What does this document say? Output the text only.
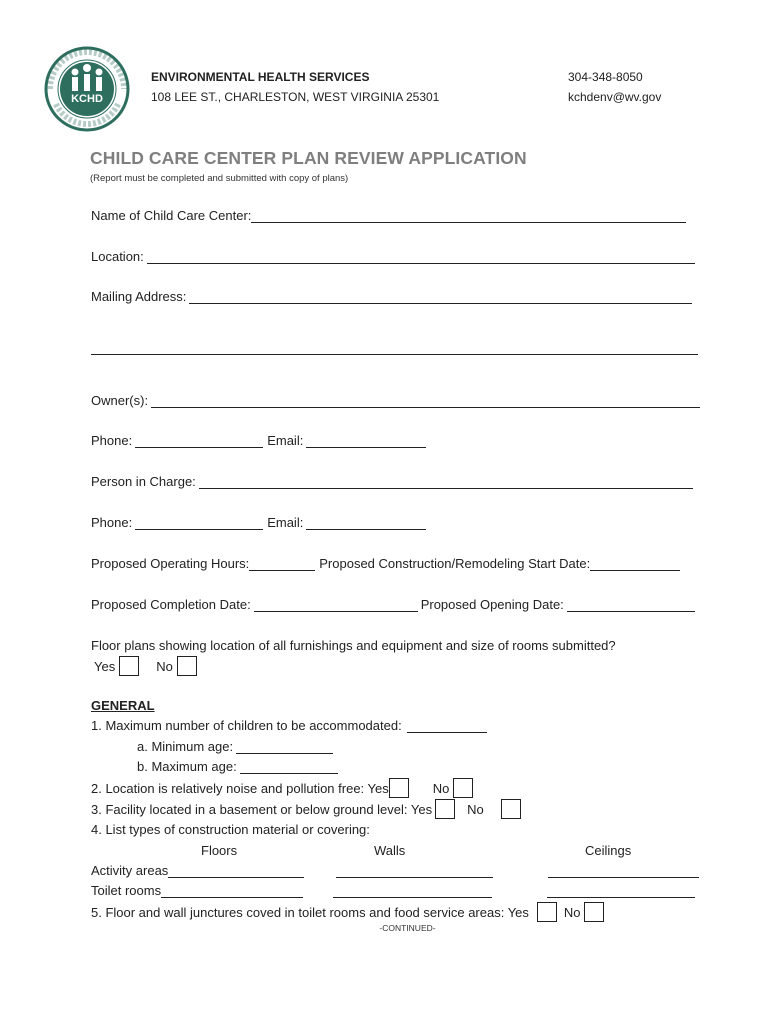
KCHD
ENVIRONMENTAL HEALTH SERVICES
108 LEE ST., CHARLESTON, WEST VIRGINIA 25301
304-348-8050
kchdenv@wv.gov
CHILD CARE CENTER PLAN REVIEW APPLICATION
(Report must be completed and submitted with copy of plans)
Name of Child Care Center:
Location:
Mailing Address:
Owner(s):
Phone:	Email:
Person in Charge:
Phone:	Email:
Proposed Operating Hours:	Proposed Construction/Remodeling Start Date:
Proposed Completion Date:	Proposed Opening Date:
Floor plans showing location of all furnishings and equipment and size of rooms submitted?
Yes	No
GENERAL
1. Maximum number of children to be accommodated:
a. Minimum age:
b. Maximum age:
2. Location is relatively noise and pollution free: Yes	No
3. Facility located in a basement or below ground level: Yes	No
4. List types of construction material or covering:
Floors	Walls	Ceilings
Activity areas
Toilet rooms
5. Floor and wall junctures coved in toilet rooms and food service areas: Yes	No
-CONTINUED-
